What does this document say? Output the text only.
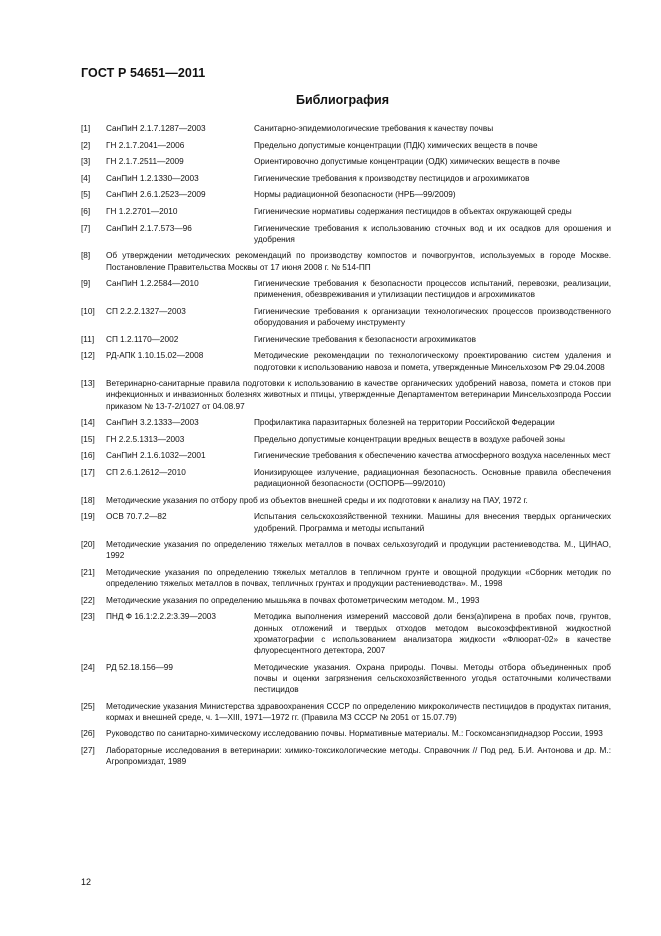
ГОСТ Р 54651—2011
Библиография
[1]	СанПиН 2.1.7.1287—2003	Санитарно-эпидемиологические требования к качеству почвы
[2]	ГН 2.1.7.2041—2006	Предельно допустимые концентрации (ПДК) химических веществ в почве
[3]	ГН 2.1.7.2511—2009	Ориентировочно допустимые концентрации (ОДК) химических веществ в почве
[4]	СанПиН 1.2.1330—2003	Гигиенические требования к производству пестицидов и агрохимикатов
[5]	СанПиН 2.6.1.2523—2009	Нормы радиационной безопасности (НРБ—99/2009)
[6]	ГН 1.2.2701—2010	Гигиенические нормативы содержания пестицидов в объектах окружающей среды
[7]	СанПиН 2.1.7.573—96	Гигиенические требования к использованию сточных вод и их осадков для орошения и удобрения
[8]	Об утверждении методических рекомендаций по производству компостов и почвогрунтов, используемых в городе Москве. Постановление Правительства Москвы от 17 июня 2008 г. № 514-ПП
[9]	СанПиН 1.2.2584—2010	Гигиенические требования к безопасности процессов испытаний, перевозки, реализации, применения, обезвреживания и утилизации пестицидов и агрохимикатов
[10]	СП 2.2.2.1327—2003	Гигиенические требования к организации технологических процессов производственного оборудования и рабочему инструменту
[11]	СП 1.2.1170—2002	Гигиенические требования к безопасности агрохимикатов
[12]	РД-АПК 1.10.15.02—2008	Методические рекомендации по технологическому проектированию систем удаления и подготовки к использованию навоза и помета, утвержденные Минсельхозом РФ 29.04.2008
[13]	Ветеринарно-санитарные правила подготовки к использованию в качестве органических удобрений навоза, помета и стоков при инфекционных и инвазионных болезнях животных и птицы, утвержденные Департаментом ветеринарии Минсельхозпрода России приказом № 13-7-2/1027 от 04.08.97
[14]	СанПиН 3.2.1333—2003	Профилактика паразитарных болезней на территории Российской Федерации
[15]	ГН 2.2.5.1313—2003	Предельно допустимые концентрации вредных веществ в воздухе рабочей зоны
[16]	СанПиН 2.1.6.1032—2001	Гигиенические требования к обеспечению качества атмосферного воздуха населенных мест
[17]	СП 2.6.1.2612—2010	Ионизирующее излучение, радиационная безопасность. Основные правила обеспечения радиационной безопасности (ОСПОРБ—99/2010)
[18]	Методические указания по отбору проб из объектов внешней среды и их подготовки к анализу на ПАУ, 1972 г.
[19]	ОСВ 70.7.2—82	Испытания сельскохозяйственной техники. Машины для внесения твердых органических удобрений. Программа и методы испытаний
[20]	Методические указания по определению тяжелых металлов в почвах сельхозугодий и продукции растениеводства. М., ЦИНАО, 1992
[21]	Методические указания по определению тяжелых металлов в тепличном грунте и овощной продукции «Сборник методик по определению тяжелых металлов в почвах, тепличных грунтах и продукции растениеводства». М., 1998
[22]	Методические указания по определению мышьяка в почвах фотометрическим методом. М., 1993
[23]	ПНД Ф 16.1:2.2.2:3.39—2003	Методика выполнения измерений массовой доли бенз(а)пирена в пробах почв, грунтов, донных отложений и твердых отходов методом высокоэффективной жидкостной хроматографии с использованием анализатора жидкости «Флюорат-02» в качестве флуоресцентного детектора, 2007
[24]	РД 52.18.156—99	Методические указания. Охрана природы. Почвы. Методы отбора объединенных проб почвы и оценки загрязнения сельскохозяйственного угодья остаточными количествами пестицидов
[25]	Методические указания Министерства здравоохранения СССР по определению микроколичеств пестицидов в продуктах питания, кормах и внешней среде, ч. 1—XIII, 1971—1972 гг. (Правила МЗ СССР № 2051 от 15.07.79)
[26]	Руководство по санитарно-химическому исследованию почвы. Нормативные материалы. М.: Госкомсанэпиднадзор России, 1993
[27]	Лабораторные исследования в ветеринарии: химико-токсикологические методы. Справочник // Под ред. Б.И. Антонова и др. М.: Агропромиздат, 1989
12
